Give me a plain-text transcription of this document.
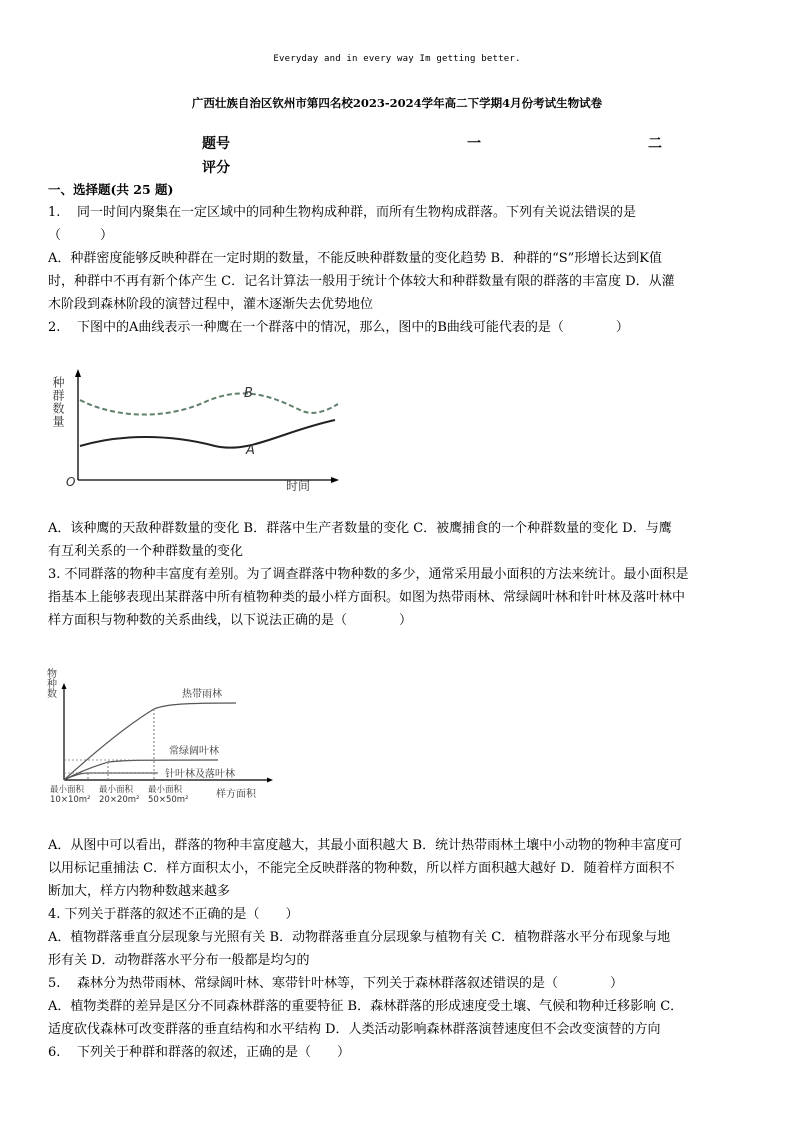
Everyday and in every way Im getting better.
广西壮族自治区钦州市第四名校2023-2024学年高二下学期4月份考试生物试卷
题号	一	二
评分

一、选择题(共 25 题)

1. 同一时间内聚集在一定区域中的同种生物构成种群，而所有生物构成群落。下列有关说法错误的是

（　　　）

A．种群密度能够反映种群在一定时期的数量，不能反映种群数量的变化趋势 B．种群的“S”形增长达到K值

时，种群中不再有新个体产生 C．记名计算法一般用于统计个体较大和种群数量有限的群落的丰富度 D．从灌

木阶段到森林阶段的演替过程中，灌木逐渐失去优势地位

2. 下图中的A曲线表示一种鹰在一个群落中的情况，那么，图中的B曲线可能代表的是（　　　　）

种群数量
时间
O
B
A

A．该种鹰的天敌种群数量的变化 B．群落中生产者数量的变化 C．被鹰捕食的一个种群数量的变化 D．与鹰

有互利关系的一个种群数量的变化

3. 不同群落的物种丰富度有差别。为了调查群落中物种数的多少，通常采用最小面积的方法来统计。最小面积是

指基本上能够表现出某群落中所有植物种类的最小样方面积。如图为热带雨林、常绿阔叶林和针叶林及落叶林中

样方面积与物种数的关系曲线，以下说法正确的是（　　　　）

物种数
样方面积
热带雨林
常绿阔叶林
针叶林及落叶林
最小面积
10×10m²
最小面积
20×20m²
最小面积
50×50m²

A．从图中可以看出，群落的物种丰富度越大，其最小面积越大 B．统计热带雨林土壤中小动物的物种丰富度可

以用标记重捕法 C．样方面积太小，不能完全反映群落的物种数，所以样方面积越大越好 D．随着样方面积不

断加大，样方内物种数越来越多

4. 下列关于群落的叙述不正确的是（　　）

A．植物群落垂直分层现象与光照有关 B．动物群落垂直分层现象与植物有关 C．植物群落水平分布现象与地

形有关 D．动物群落水平分布一般都是均匀的

5. 森林分为热带雨林、常绿阔叶林、寒带针叶林等，下列关于森林群落叙述错误的是（　　　　）

A．植物类群的差异是区分不同森林群落的重要特征 B．森林群落的形成速度受土壤、气候和物种迁移影响 C．

适度砍伐森林可改变群落的垂直结构和水平结构 D．人类活动影响森林群落演替速度但不会改变演替的方向

6. 下列关于种群和群落的叙述，正确的是（　　）
